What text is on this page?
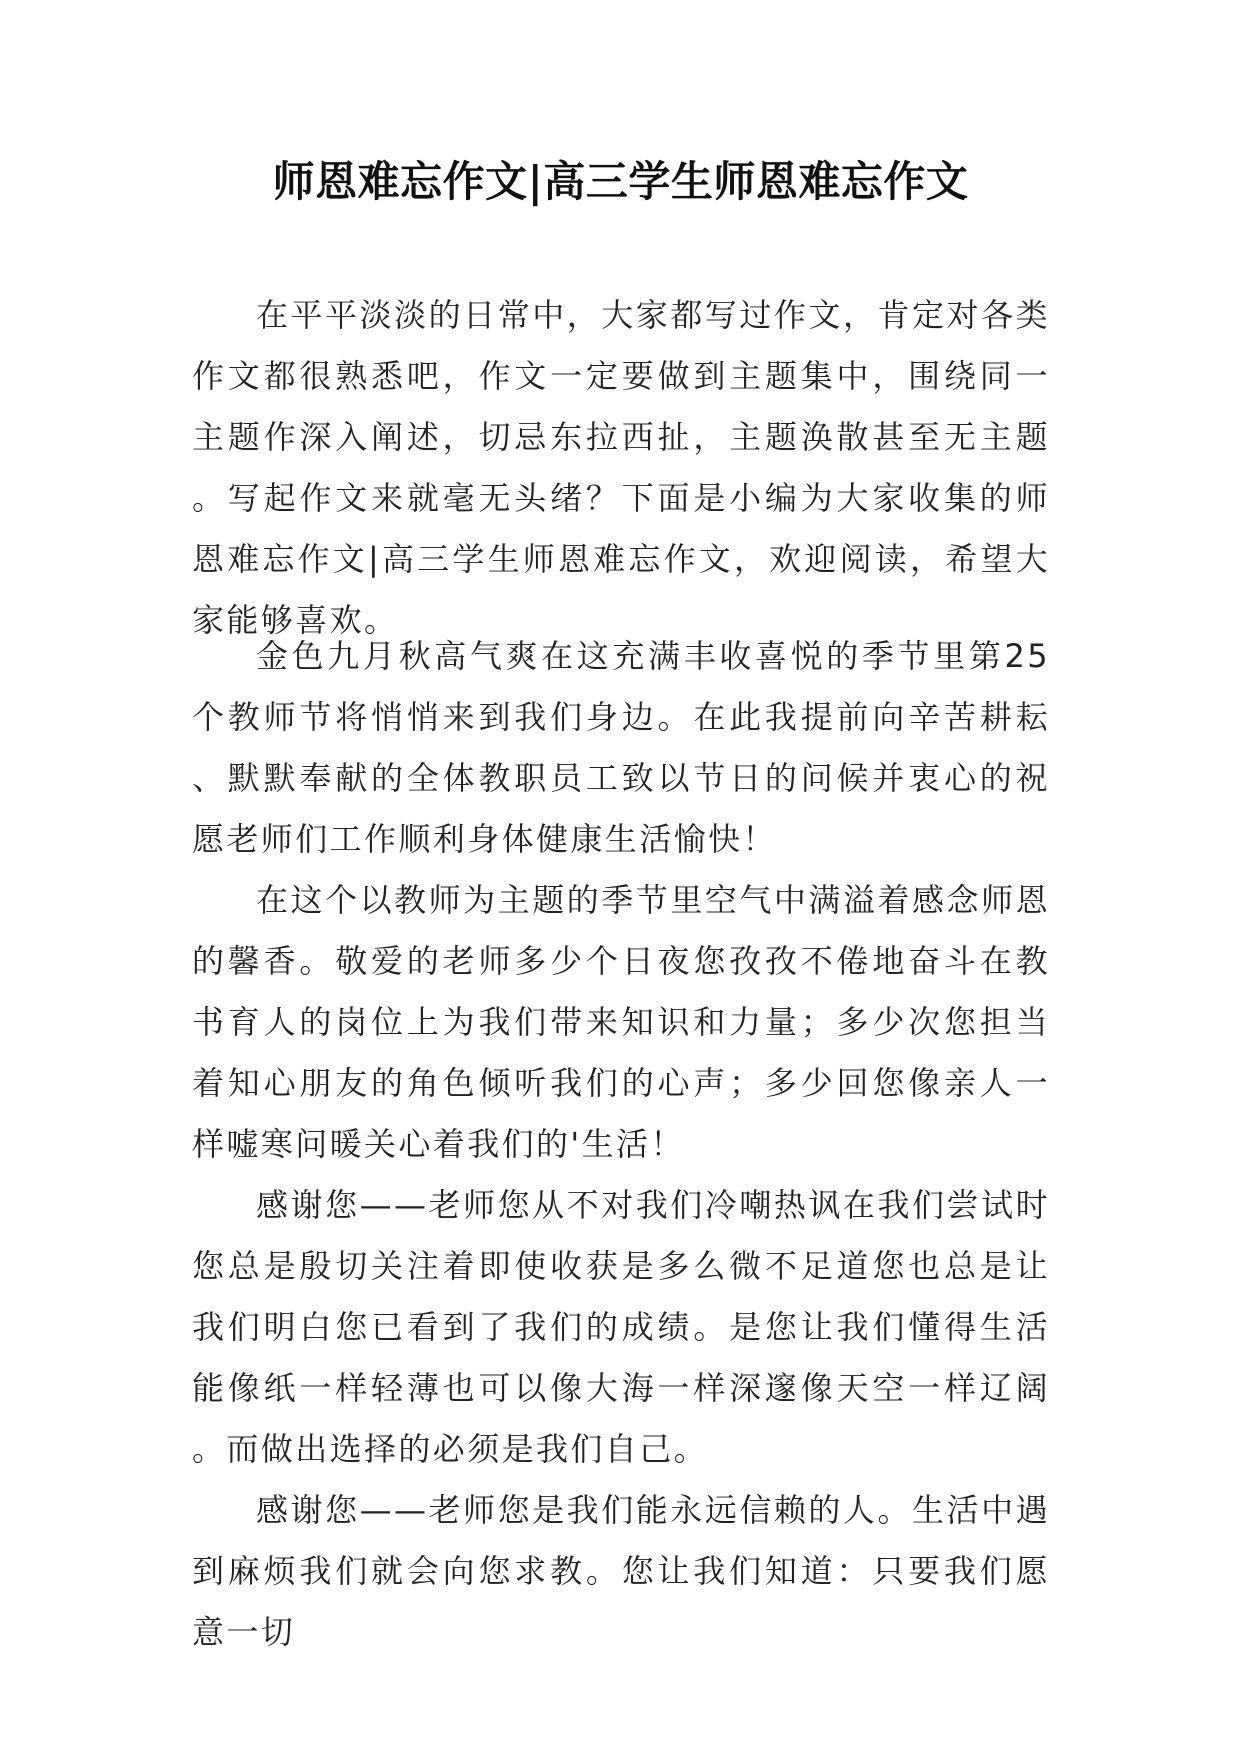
师恩难忘作文|高三学生师恩难忘作文

在平平淡淡的日常中，大家都写过作文，肯定对各类作文都很熟悉吧，作文一定要做到主题集中，围绕同一主题作深入阐述，切忌东拉西扯，主题涣散甚至无主题。写起作文来就毫无头绪？下面是小编为大家收集的师恩难忘作文|高三学生师恩难忘作文，欢迎阅读，希望大家能够喜欢。

金色九月秋高气爽在这充满丰收喜悦的季节里第25个教师节将悄悄来到我们身边。在此我提前向辛苦耕耘、默默奉献的全体教职员工致以节日的问候并衷心的祝愿老师们工作顺利身体健康生活愉快！

在这个以教师为主题的季节里空气中满溢着感念师恩的馨香。敬爱的老师多少个日夜您孜孜不倦地奋斗在教书育人的岗位上为我们带来知识和力量；多少次您担当着知心朋友的角色倾听我们的心声；多少回您像亲人一样嘘寒问暖关心着我们的'生活！

感谢您——老师您从不对我们冷嘲热讽在我们尝试时您总是殷切关注着即使收获是多么微不足道您也总是让我们明白您已看到了我们的成绩。是您让我们懂得生活能像纸一样轻薄也可以像大海一样深邃像天空一样辽阔。而做出选择的必须是我们自己。

感谢您——老师您是我们能永远信赖的人。生活中遇到麻烦我们就会向您求教。您让我们知道：只要我们愿意一切
